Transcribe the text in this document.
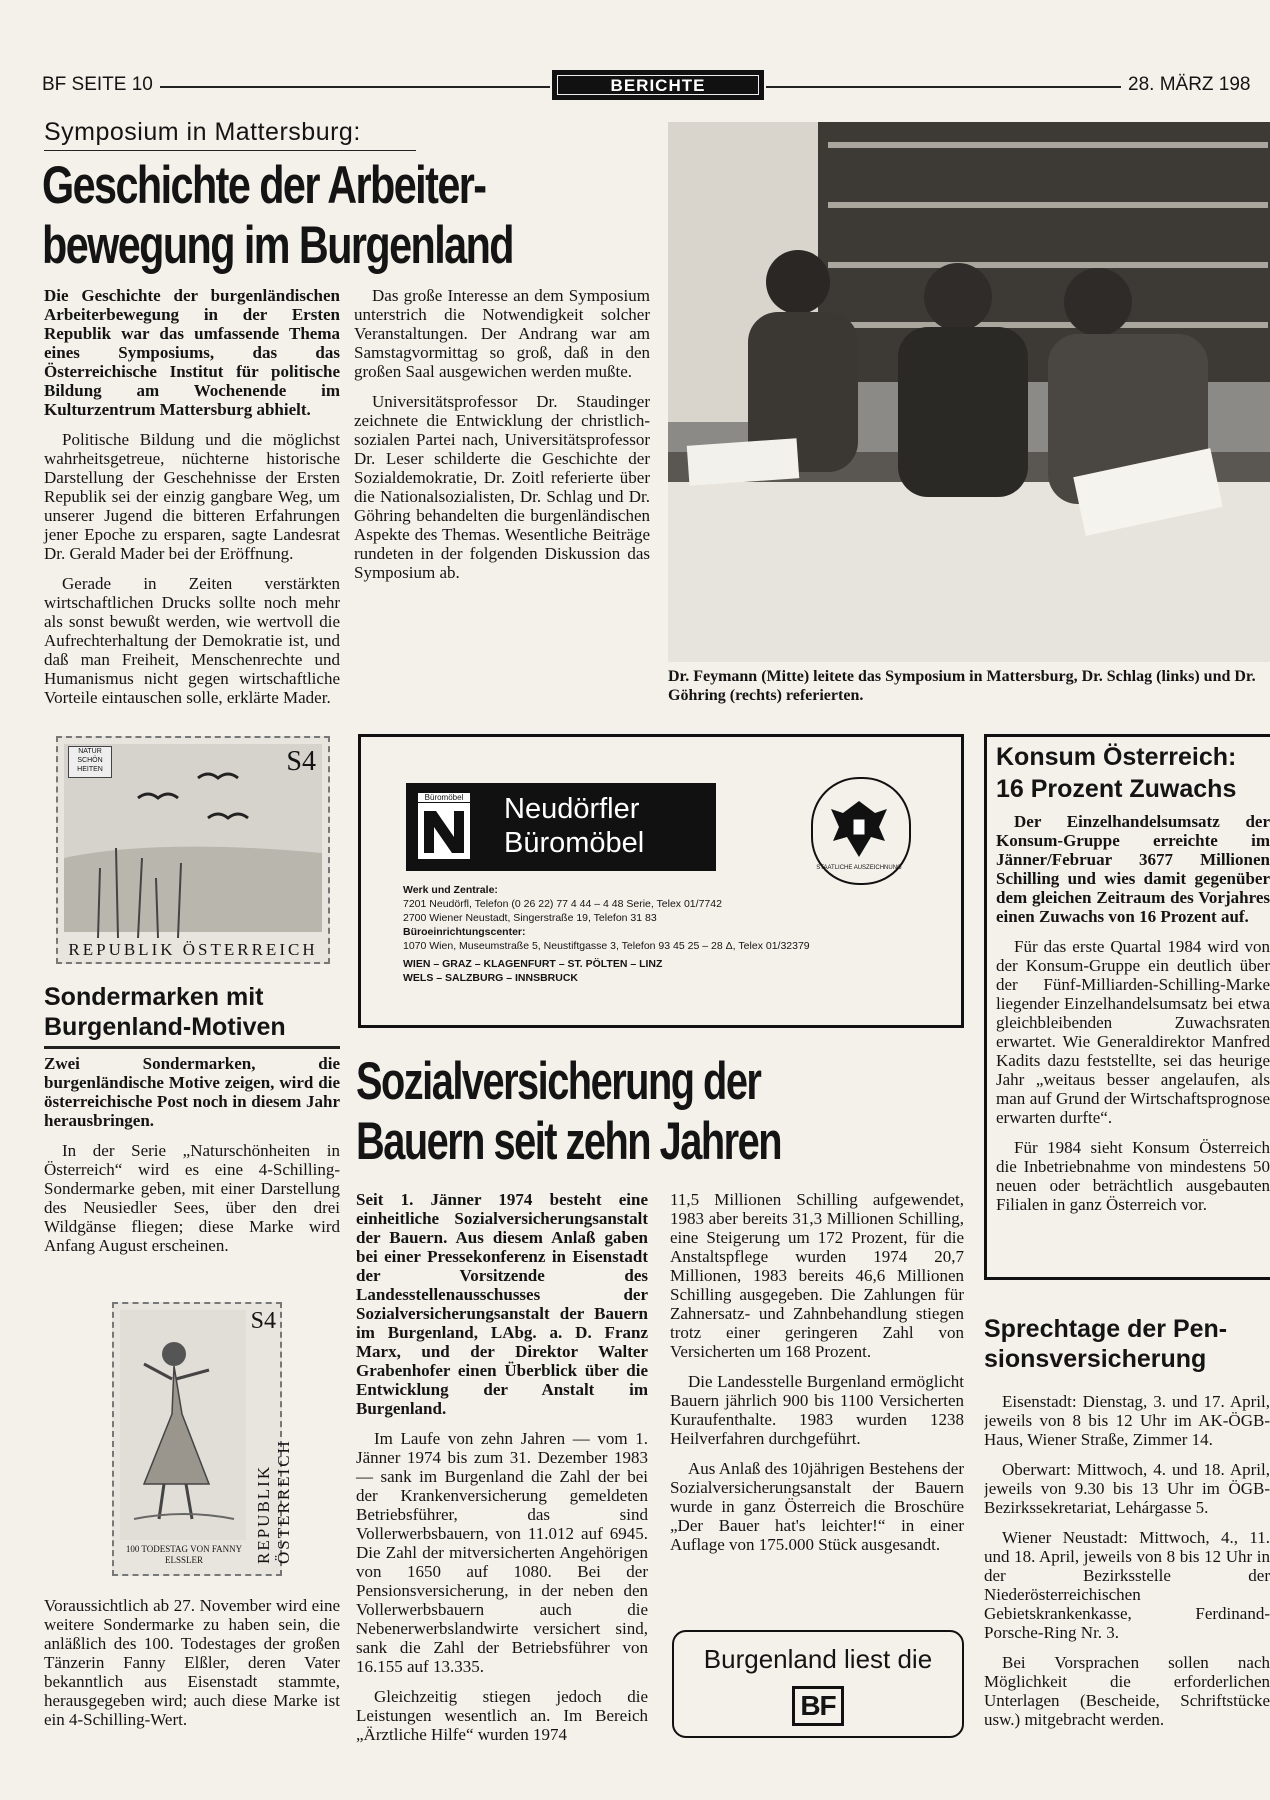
BF SEITE 10	BERICHTE	28. MÄRZ 198
Symposium in Mattersburg:
Geschichte der Arbeiter-
bewegung im Burgenland

Die Geschichte der burgenländischen Arbeiterbewegung in der Ersten Republik war das umfassende Thema eines Symposiums, das das Österreichische Institut für politische Bildung am Wochenende im Kulturzentrum Mattersburg abhielt.

Politische Bildung und die möglichst wahrheitsgetreue, nüchterne historische Darstellung der Geschehnisse der Ersten Republik sei der einzig gangbare Weg, um unserer Jugend die bitteren Erfahrungen jener Epoche zu ersparen, sagte Landesrat Dr. Gerald Mader bei der Eröffnung.

Gerade in Zeiten verstärkten wirtschaftlichen Drucks sollte noch mehr als sonst bewußt werden, wie wertvoll die Aufrechterhaltung der Demokratie ist, und daß man Freiheit, Menschenrechte und Humanismus nicht gegen wirtschaftliche Vorteile eintauschen solle, erklärte Mader.

Das große Interesse an dem Symposium unterstrich die Notwendigkeit solcher Veranstaltungen. Der Andrang war am Samstagvormittag so groß, daß in den großen Saal ausgewichen werden mußte.

Universitätsprofessor Dr. Staudinger zeichnete die Entwicklung der christlich-sozialen Partei nach, Universitätsprofessor Dr. Leser schilderte die Geschichte der Sozialdemokratie, Dr. Zoitl referierte über die Nationalsozialisten, Dr. Schlag und Dr. Göhring behandelten die burgenländischen Aspekte des Themas. Wesentliche Beiträge rundeten in der folgenden Diskussion das Symposium ab.

Dr. Feymann (Mitte) leitete das Symposium in Mattersburg, Dr. Schlag (links) und Dr. Göhring (rechts) referierten.
NATUR SCHÖN HEITEN	S4
REPUBLIK ÖSTERREICH
Sondermarken mit
Burgenland-Motiven

Zwei Sondermarken, die burgenländische Motive zeigen, wird die österreichische Post noch in diesem Jahr herausbringen.

In der Serie „Naturschönheiten in Österreich“ wird es eine 4-Schilling-Sondermarke geben, mit einer Darstellung des Neusiedler Sees, über den drei Wildgänse fliegen; diese Marke wird Anfang August erscheinen.

S4
REPUBLIK ÖSTERREICH
100 TODESTAG VON FANNY ELSSLER

Voraussichtlich ab 27. November wird eine weitere Sondermarke zu haben sein, die anläßlich des 100. Todestages der großen Tänzerin Fanny Elßler, deren Vater bekanntlich aus Eisenstadt stammte, herausgegeben wird; auch diese Marke ist ein 4-Schilling-Wert.

Büromöbel Neudörfler
Büromöbel
STAATLICHE AUSZEICHNUNG
Werk und Zentrale:
7201 Neudörfl, Telefon (0 26 22) 77 4 44 – 4 48 Serie, Telex 01/7742
2700 Wiener Neustadt, Singerstraße 19, Telefon 31 83
Büroeinrichtungscenter:
1070 Wien, Museumstraße 5, Neustiftgasse 3, Telefon 93 45 25 – 28 Δ, Telex 01/32379
WIEN – GRAZ – KLAGENFURT – ST. PÖLTEN – LINZ
WELS – SALZBURG – INNSBRUCK
Sozialversicherung der
Bauern seit zehn Jahren

Seit 1. Jänner 1974 besteht eine einheitliche Sozialversicherungsanstalt der Bauern. Aus diesem Anlaß gaben bei einer Pressekonferenz in Eisenstadt der Vorsitzende des Landesstellenausschusses der Sozialversicherungsanstalt der Bauern im Burgenland, LAbg. a. D. Franz Marx, und der Direktor Walter Grabenhofer einen Überblick über die Entwicklung der Anstalt im Burgenland.

Im Laufe von zehn Jahren — vom 1. Jänner 1974 bis zum 31. Dezember 1983 — sank im Burgenland die Zahl der bei der Krankenversicherung gemeldeten Betriebsführer, das sind Vollerwerbsbauern, von 11.012 auf 6945. Die Zahl der mitversicherten Angehörigen von 1650 auf 1080. Bei der Pensionsversicherung, in der neben den Vollerwerbsbauern auch die Nebenerwerbslandwirte versichert sind, sank die Zahl der Betriebsführer von 16.155 auf 13.335.

Gleichzeitig stiegen jedoch die Leistungen wesentlich an. Im Bereich „Ärztliche Hilfe“ wurden 1974

11,5 Millionen Schilling aufgewendet, 1983 aber bereits 31,3 Millionen Schilling, eine Steigerung um 172 Prozent, für die Anstaltspflege wurden 1974 20,7 Millionen, 1983 bereits 46,6 Millionen Schilling ausgegeben. Die Zahlungen für Zahnersatz- und Zahnbehandlung stiegen trotz einer geringeren Zahl von Versicherten um 168 Prozent.

Die Landesstelle Burgenland ermöglicht Bauern jährlich 900 bis 1100 Versicherten Kuraufenthalte. 1983 wurden 1238 Heilverfahren durchgeführt.

Aus Anlaß des 10jährigen Bestehens der Sozialversicherungsanstalt der Bauern wurde in ganz Österreich die Broschüre „Der Bauer hat's leichter!“ in einer Auflage von 175.000 Stück ausgesandt.

Burgenland liest die
BF
Konsum Österreich:
16 Prozent Zuwachs

Der Einzelhandelsumsatz der Konsum-Gruppe erreichte im Jänner/Februar 3677 Millionen Schilling und wies damit gegenüber dem gleichen Zeitraum des Vorjahres einen Zuwachs von 16 Prozent auf.

Für das erste Quartal 1984 wird von der Konsum-Gruppe ein deutlich über der Fünf-Milliarden-Schilling-Marke liegender Einzelhandelsumsatz bei etwa gleichbleibenden Zuwachsraten erwartet. Wie Generaldirektor Manfred Kadits dazu feststellte, sei das heurige Jahr „weitaus besser angelaufen, als man auf Grund der Wirtschaftsprognose erwarten durfte“.

Für 1984 sieht Konsum Österreich die Inbetriebnahme von mindestens 50 neuen oder beträchtlich ausgebauten Filialen in ganz Österreich vor.

Sprechtage der Pen-
sionsversicherung

Eisenstadt: Dienstag, 3. und 17. April, jeweils von 8 bis 12 Uhr im AK-ÖGB-Haus, Wiener Straße, Zimmer 14.

Oberwart: Mittwoch, 4. und 18. April, jeweils von 9.30 bis 13 Uhr im ÖGB-Bezirkssekretariat, Lehárgasse 5.

Wiener Neustadt: Mittwoch, 4., 11. und 18. April, jeweils von 8 bis 12 Uhr in der Bezirksstelle der Niederösterreichischen Gebietskrankenkasse, Ferdinand-Porsche-Ring Nr. 3.

Bei Vorsprachen sollen nach Möglichkeit die erforderlichen Unterlagen (Bescheide, Schriftstücke usw.) mitgebracht werden.
